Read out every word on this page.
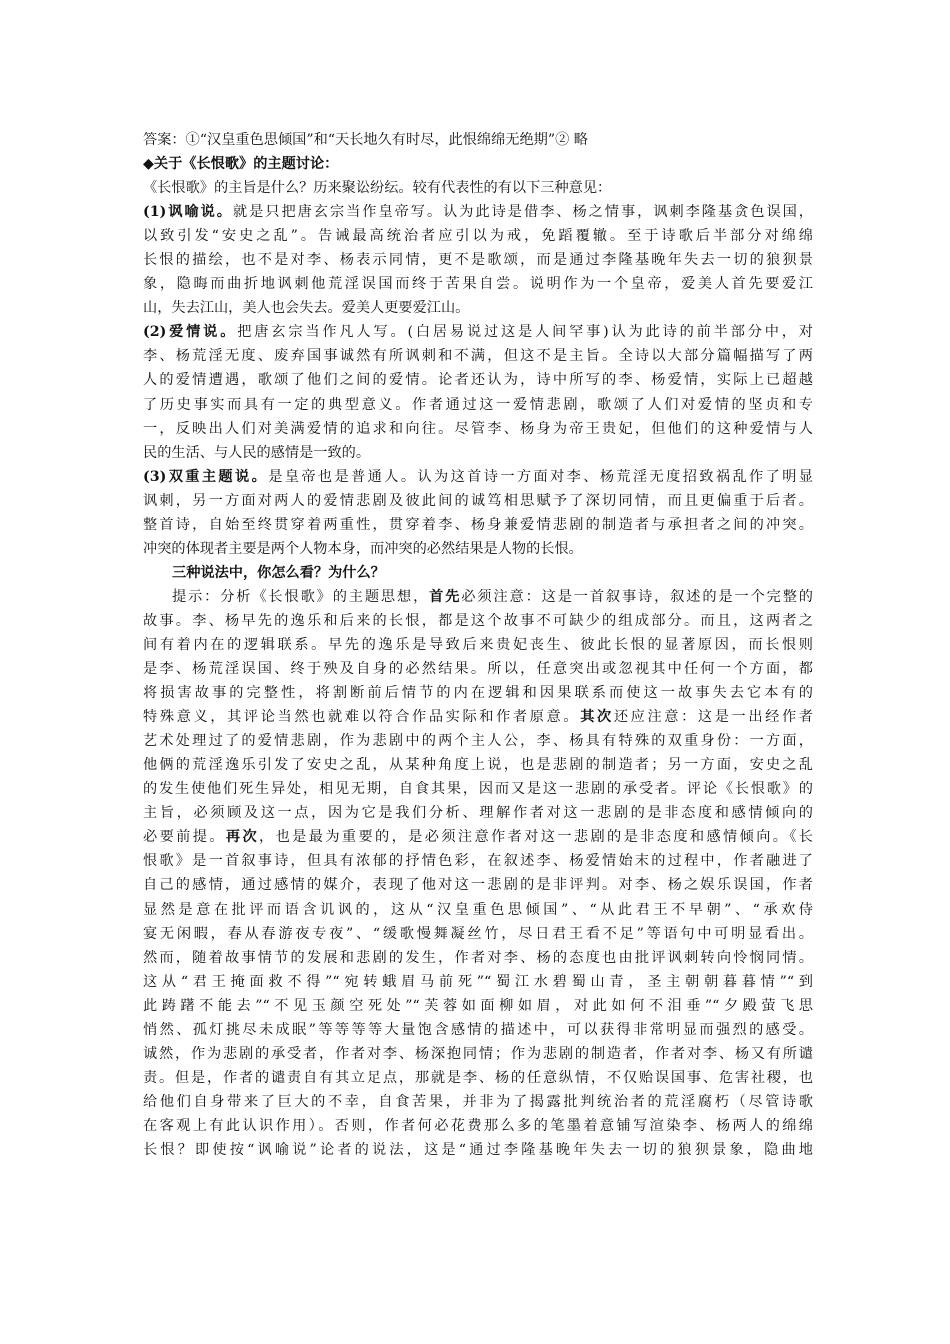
答案：①“汉皇重色思倾国”和“天长地久有时尽，此恨绵绵无绝期”② 略
◆关于《长恨歌》的主题讨论：
《长恨歌》的主旨是什么？历来聚讼纷纭。较有代表性的有以下三种意见：
(1)讽喻说。就是只把唐玄宗当作皇帝写。认为此诗是借李、杨之情事，讽刺李隆基贪色误国，
以致引发“安史之乱”。告诫最高统治者应引以为戒，免蹈覆辙。至于诗歌后半部分对绵绵
长恨的描绘，也不是对李、杨表示同情，更不是歌颂，而是通过李隆基晚年失去一切的狼狈景
象，隐晦而曲折地讽刺他荒淫误国而终于苦果自尝。说明作为一个皇帝，爱美人首先要爱江
山，失去江山，美人也会失去。爱美人更要爱江山。
(2)爱情说。把唐玄宗当作凡人写。(白居易说过这是人间罕事)认为此诗的前半部分中，对
李、杨荒淫无度、废弃国事诚然有所讽刺和不满，但这不是主旨。全诗以大部分篇幅描写了两
人的爱情遭遇，歌颂了他们之间的爱情。论者还认为，诗中所写的李、杨爱情，实际上已超越
了历史事实而具有一定的典型意义。作者通过这一爱情悲剧，歌颂了人们对爱情的坚贞和专
一，反映出人们对美满爱情的追求和向往。尽管李、杨身为帝王贵妃，但他们的这种爱情与人
民的生活、与人民的感情是一致的。
(3)双重主题说。是皇帝也是普通人。认为这首诗一方面对李、杨荒淫无度招致祸乱作了明显
讽刺，另一方面对两人的爱情悲剧及彼此间的诚笃相思赋予了深切同情，而且更偏重于后者。
整首诗，自始至终贯穿着两重性，贯穿着李、杨身兼爱情悲剧的制造者与承担者之间的冲突。
冲突的体现者主要是两个人物本身，而冲突的必然结果是人物的长恨。
三种说法中，你怎么看？为什么？
提示：分析《长恨歌》的主题思想，首先必须注意：这是一首叙事诗，叙述的是一个完整的
故事。李、杨早先的逸乐和后来的长恨，都是这个故事不可缺少的组成部分。而且，这两者之
间有着内在的逻辑联系。早先的逸乐是导致后来贵妃丧生、彼此长恨的显著原因，而长恨则
是李、杨荒淫误国、终于殃及自身的必然结果。所以，任意突出或忽视其中任何一个方面，都
将损害故事的完整性，将割断前后情节的内在逻辑和因果联系而使这一故事失去它本有的
特殊意义，其评论当然也就难以符合作品实际和作者原意。其次还应注意：这是一出经作者
艺术处理过了的爱情悲剧，作为悲剧中的两个主人公，李、杨具有特殊的双重身份：一方面，
他俩的荒淫逸乐引发了安史之乱，从某种角度上说，也是悲剧的制造者；另一方面，安史之乱
的发生使他们死生异处，相见无期，自食其果，因而又是这一悲剧的承受者。评论《长恨歌》的
主旨，必须顾及这一点，因为它是我们分析、理解作者对这一悲剧的是非态度和感情倾向的
必要前提。再次，也是最为重要的，是必须注意作者对这一悲剧的是非态度和感情倾向。《长
恨歌》是一首叙事诗，但具有浓郁的抒情色彩，在叙述李、杨爱情始末的过程中，作者融进了
自己的感情，通过感情的媒介，表现了他对这一悲剧的是非评判。对李、杨之娱乐误国，作者
显然是意在批评而语含讥讽的，这从“汉皇重色思倾国”、“从此君王不早朝”、“承欢侍
宴无闲暇，春从春游夜专夜”、“缓歌慢舞凝丝竹，尽日君王看不足”等语句中可明显看出。
然而，随着故事情节的发展和悲剧的发生，作者对李、杨的态度也由批评讽刺转向怜悯同情。
这从“君王掩面救不得”“宛转蛾眉马前死”“蜀江水碧蜀山青，圣主朝朝暮暮情”“到
此踌躇不能去”“不见玉颜空死处”“芙蓉如面柳如眉，对此如何不泪垂”“夕殿萤飞思
悄然、孤灯挑尽未成眠”等等等等大量饱含感情的描述中，可以获得非常明显而强烈的感受。
诚然，作为悲剧的承受者，作者对李、杨深抱同情；作为悲剧的制造者，作者对李、杨又有所谴
责。但是，作者的谴责自有其立足点，那就是李、杨的任意纵情，不仅贻误国事、危害社稷，也
给他们自身带来了巨大的不幸，自食苦果，并非为了揭露批判统治者的荒淫腐朽（尽管诗歌
在客观上有此认识作用）。否则，作者何必花费那么多的笔墨着意铺写渲染李、杨两人的绵绵
长恨？即使按“讽喻说”论者的说法，这是“通过李隆基晚年失去一切的狼狈景象，隐曲地
